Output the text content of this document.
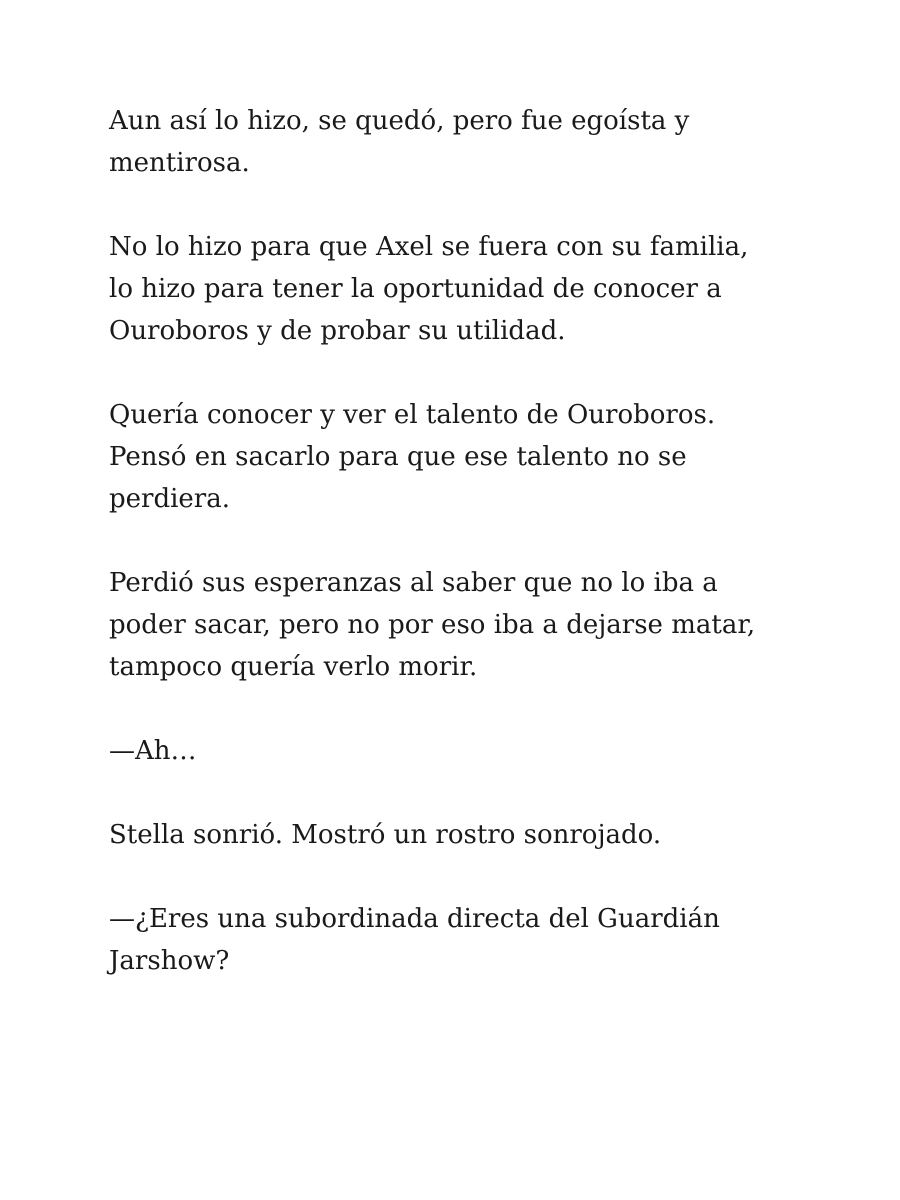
Aun así lo hizo, se quedó, pero fue egoísta y
mentirosa.

No lo hizo para que Axel se fuera con su familia,
lo hizo para tener la oportunidad de conocer a
Ouroboros y de probar su utilidad.

Quería conocer y ver el talento de Ouroboros.
Pensó en sacarlo para que ese talento no se
perdiera.

Perdió sus esperanzas al saber que no lo iba a
poder sacar, pero no por eso iba a dejarse matar,
tampoco quería verlo morir.

—Ah…

Stella sonrió. Mostró un rostro sonrojado.

—¿Eres una subordinada directa del Guardián
Jarshow?
